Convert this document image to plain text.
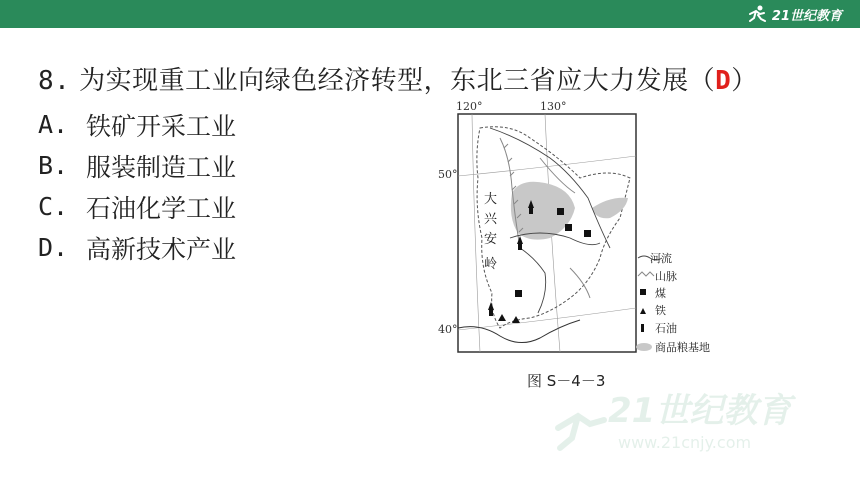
21世纪教育
8. 为实现重工业向绿色经济转型，东北三省应大力发展（D）
A. 铁矿开采工业
B. 服装制造工业
C. 石油化学工业
D. 高新技术产业
120°	130°
50°
40°
大
兴
安
岭	河流
山脉
煤
铁
石油
商品粮基地
图 S－4－3
21世纪教育
www.21cnjy.com
